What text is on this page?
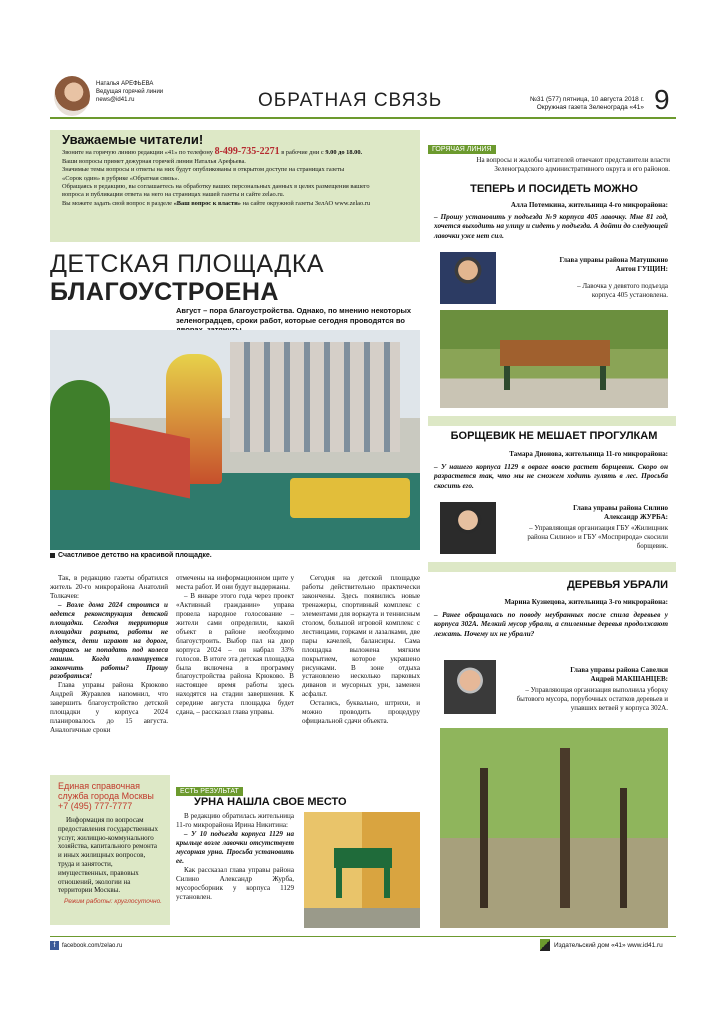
Наталья АРЕФЬЕВА
Ведущая горячей линии
news@id41.ru	ОБРАТНАЯ СВЯЗЬ	№31 (577) пятница, 10 августа 2018 г.
Окружная газета Зеленограда «41» 9
Уважаемые читатели!
Звоните на горячую линию редакции «41» по телефону 8-499-735-2271 в рабочие дни с 9.00 до 18.00.
Ваши вопросы примет дежурная горячей линии Наталья Арефьева.
Значимые темы вопросы и ответы на них будут опубликованы в открытом доступе на страницах газеты
«Сорок один» в рубрике «Обратная связь».
Обращаясь в редакцию, вы соглашаетесь на обработку ваших персональных данных в целях размещения вашего
вопроса и публикации ответа на него на страницах нашей газеты и сайте zelao.ru.
Вы можете задать свой вопрос в разделе «Ваш вопрос к власти» на сайте окружной газеты ЗелАО www.zelao.ru
ДЕТСКАЯ ПЛОЩАДКА
БЛАГОУСТРОЕНА
Август – пора благоустройства. Однако, по мнению некоторых зеленоградцев, сроки работ, которые сегодня проводятся во
Счастливое детство на красивой площадке.

Так, в редакцию газеты обратился житель 20-го микрорайона Анатолий Толкачев:

– Возле дома 2024 строится и ведется реконструкция детской площадки. Сегодня территория площадки разрыта, работы не ведутся, дети играют на дороге, стараясь не попадать под колеса машин. Когда планируется закончить работы? Прошу разобраться!

Глава управы района Крюково Андрей Журавлев напомнил, что завершить благоустройство детской площадки у корпуса 2024 планировалось до 15 августа. Аналогичные сроки

отмечены на информационном щите у места работ. И они будут выдержаны.

– В январе этого года через проект «Активный гражданин» управа провела народное голосование – жители сами определили, какой объект в районе необходимо благоустроить. Выбор пал на двор корпуса 2024 – он набрал 33% голосов. В итоге эта детская площадка была включена в программу благоустройства района Крюково. В настоящее время работы здесь находятся на стадии завершения. К середине августа площадка будет сдана, – рассказал глава управы.

Сегодня на детской площадке работы действительно практически закончены. Здесь появились новые тренажеры, спортивный комплекс с элементами для воркаута и теннисным столом, большой игровой комплекс с лестницами, горками и лазалками, две пары качелей, балансиры. Сама площадка выложена мягким покрытием, которое украшено рисунками. В зоне отдыха установлено несколько парковых диванов и мусорных урн, заменен асфальт.

Остались, буквально, штрихи, и можно проводить процедуру официальной сдачи объекта.

Единая справочная
служба города Москвы
+7 (495) 777-7777
Информация по вопросам предоставления государственных услуг, жилищно-коммунального хозяйства, капитального ремонта и иных жилищных вопросов, труда и занятости, имущественных, правовых отношений, экологии на территории Москвы.
Режим работы: круглосуточно.
ЕСТЬ РЕЗУЛЬТАТ
УРНА НАШЛА СВОЕ МЕСТО

В редакцию обратилась жительница 11-го микрорайона Ирина Никитина:

– У 10 подъезда корпуса 1129 на крыльце возле лавочки отсутствует мусорная урна. Просьба установить ее.

Как рассказал глава управы района Силино Александр Журба, мусоросборник у корпуса 1129 установлен.

ГОРЯЧАЯ ЛИНИЯ
На вопросы и жалобы читателей отвечают представители власти Зеленоградского административного округа и его районов.
ТЕПЕРЬ И ПОСИДЕТЬ МОЖНО
Алла Потемкина, жительница 4-го микрорайона:
– Прошу установить у подъезда №9 корпуса 405 лавочку. Мне 81 год, хочется выходить на улицу и сидеть у подъезда. А дойти до следующей лавочки уже нет сил.
Глава управы района Матушкино
Антон ГУЩИН:
– Лавочка у девятого подъезда корпуса 405 установлена.
БОРЩЕВИК НЕ МЕШАЕТ ПРОГУЛКАМ
Тамара Дионова, жительница 11-го микрорайона:
– У нашего корпуса 1129 в овраге вовсю растет борщевик. Скоро он разрастется так, что мы не сможем ходить гулять в лес. Просьба скосить его.
Глава управы района Силино
Александр ЖУРБА:
– Управляющая организация ГБУ «Жилищник района Силино» и ГБУ «Мосприрода» скосили борщевик.
ДЕРЕВЬЯ УБРАЛИ
Марина Кузнецова, жительница 3-го микрорайона:
– Ранее обращалась по поводу неубранных после спила деревьев у корпуса 302А. Мелкий мусор убрали, а спиленные деревья продолжают лежать. Почему их не убрали?
Глава управы района Савелки
Андрей МАКШАНЦЕВ:
– Управляющая организация выполнила уборку бытового мусора, порубочных остатков деревьев и упавших ветвей у корпуса 302А.
f	facebook.com/zelao.ru	Издательский дом «41» www.id41.ru
